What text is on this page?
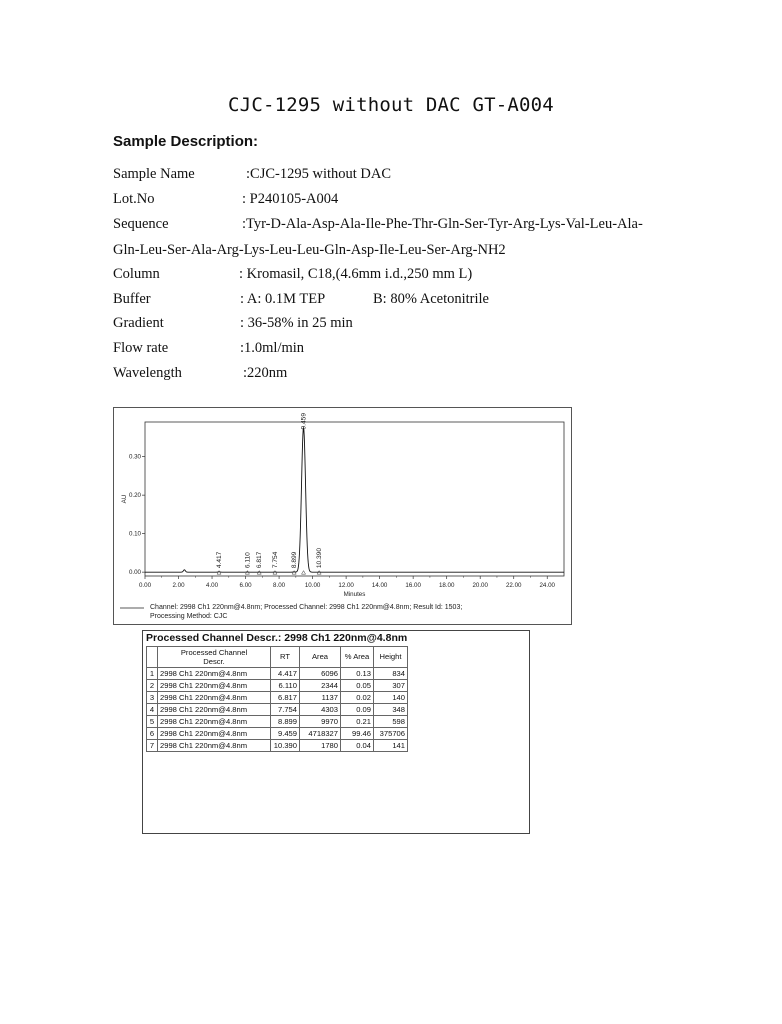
CJC-1295 without DAC GT-A004
Sample Description:
Sample Name	:CJC-1295 without DAC
Lot.No	: P240105-A004
Sequence	:Tyr-D-Ala-Asp-Ala-Ile-Phe-Thr-Gln-Ser-Tyr-Arg-Lys-Val-Leu-Ala-
Gln-Leu-Ser-Ala-Arg-Lys-Leu-Leu-Gln-Asp-Ile-Leu-Ser-Arg-NH2
Column	: Kromasil, C18,(4.6mm i.d.,250 mm L)
Buffer	: A: 0.1M TEP	B: 80% Acetonitrile
Gradient	: 36-58% in 25 min
Flow rate	:1.0ml/min
Wavelength	:220nm
0.00
0.10
0.20
0.30
AU
0.00	2.00	4.00	6.00	8.00	10.00	12.00	14.00	16.00	18.00	20.00	22.00	24.00
Minutes
4.417	6.110 6.817 7.754 8.899
9.459
10.390
Channel: 2998 Ch1 220nm@4.8nm; Processed Channel: 2998 Ch1 220nm@4.8nm; Result Id: 1503;
Processing Method: CJC
Processed Channel Descr.: 2998 Ch1 220nm@4.8nm
	Processed Channel Descr.	RT	Area	% Area	Height
1	2998 Ch1 220nm@4.8nm	4.417	6096	0.13	834
2	2998 Ch1 220nm@4.8nm	6.110	2344	0.05	307
3	2998 Ch1 220nm@4.8nm	6.817	1137	0.02	140
4	2998 Ch1 220nm@4.8nm	7.754	4303	0.09	348
5	2998 Ch1 220nm@4.8nm	8.899	9970	0.21	598
6	2998 Ch1 220nm@4.8nm	9.459	4718327	99.46	375706
7	2998 Ch1 220nm@4.8nm	10.390	1780	0.04	141
